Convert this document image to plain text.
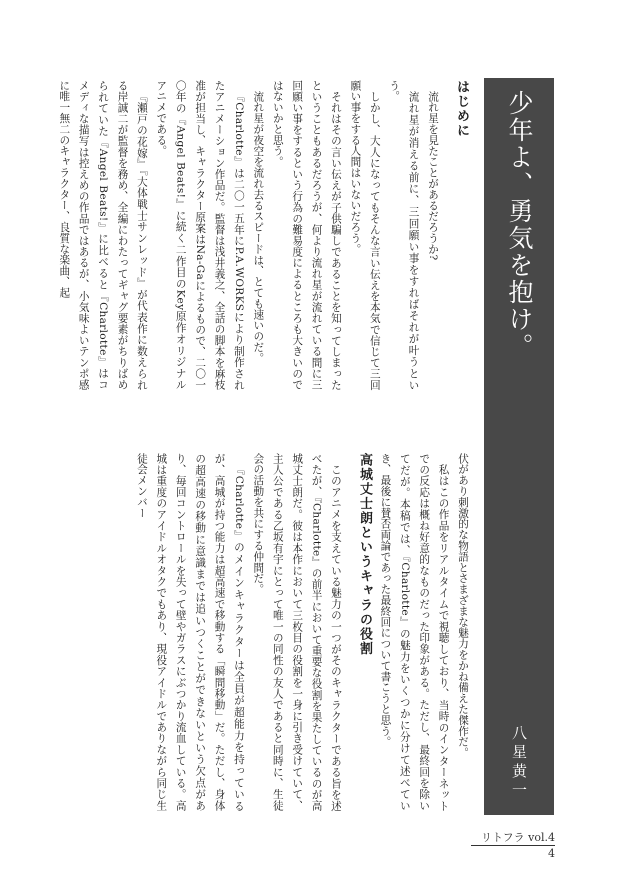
少年よ、勇気を抱け。
八星黄一
はじめに

流れ星を見たことがあるだろうか?

流れ星が消える前に、三回願い事をすればそれが叶うという。

しかし、大人になってもそんな言い伝えを本気で信じて三回願い事をする人間はいないだろう。

それはその言い伝えが子供騙しであることを知ってしまったということもあるだろうが、何より流れ星が流れている間に三回願い事をするという行為の難易度によるところも大きいのではないかと思う。

流れ星が夜空を流れ去るスピードは、とても速いのだ。

『Charlotte』は二〇一五年にP.A.WORKSにより制作されたアニメーション作品だ。監督は浅井義之、全話の脚本を麻枝准が担当し、キャラクター原案はNa-Gaによるもので、二〇一〇年の『Angel Beats!』に続く二作目のKey原作オリジナルアニメである。

『瀬戸の花嫁』『大体戦士サンレッド』が代表作に数えられる岸誠二が監督を務め、全編にわたってギャグ要素がちりばめられていた『Angel Beats!』に比べると『Charlotte』はコメディな描写は控えめの作品ではあるが、小気味よいテンポ感に唯一無二のキャラクター、良質な楽曲、起

伏があり刺激的な物語とさまざまな魅力をかね備えた傑作だ。

私はこの作品をリアルタイムで視聴しており、当時のインターネットでの反応は概ね好意的なものだった印象がある。ただし、最終回を除いてだが。本稿では、『Charlotte』の魅力をいくつかに分けて述べていき、最後に賛否両論であった最終回について書こうと思う。

高城丈士朗というキャラの役割

このアニメを支えている魅力の一つがそのキャラクターである旨を述べたが、『Charlotte』の前半において重要な役割を果たしているのが高城丈士朗だ。彼は本作において三枚目の役割を一身に引き受けていて、主人公である乙坂有宇にとって唯一の同性の友人であると同時に、生徒会の活動を共にする仲間だ。

『Charlotte』のメインキャラクターは全員が超能力を持っているが、高城が持つ能力は超高速で移動する「瞬間移動」だ。ただし、身体の超高速の移動に意識までは追いつくことができないという欠点があり、毎回コントロールを失って壁やガラスにぶつかり流血している。高城は重度のアイドルオタクでもあり、現役アイドルでありながら同じ生徒会メンバー

リトフラ vol.4
4
